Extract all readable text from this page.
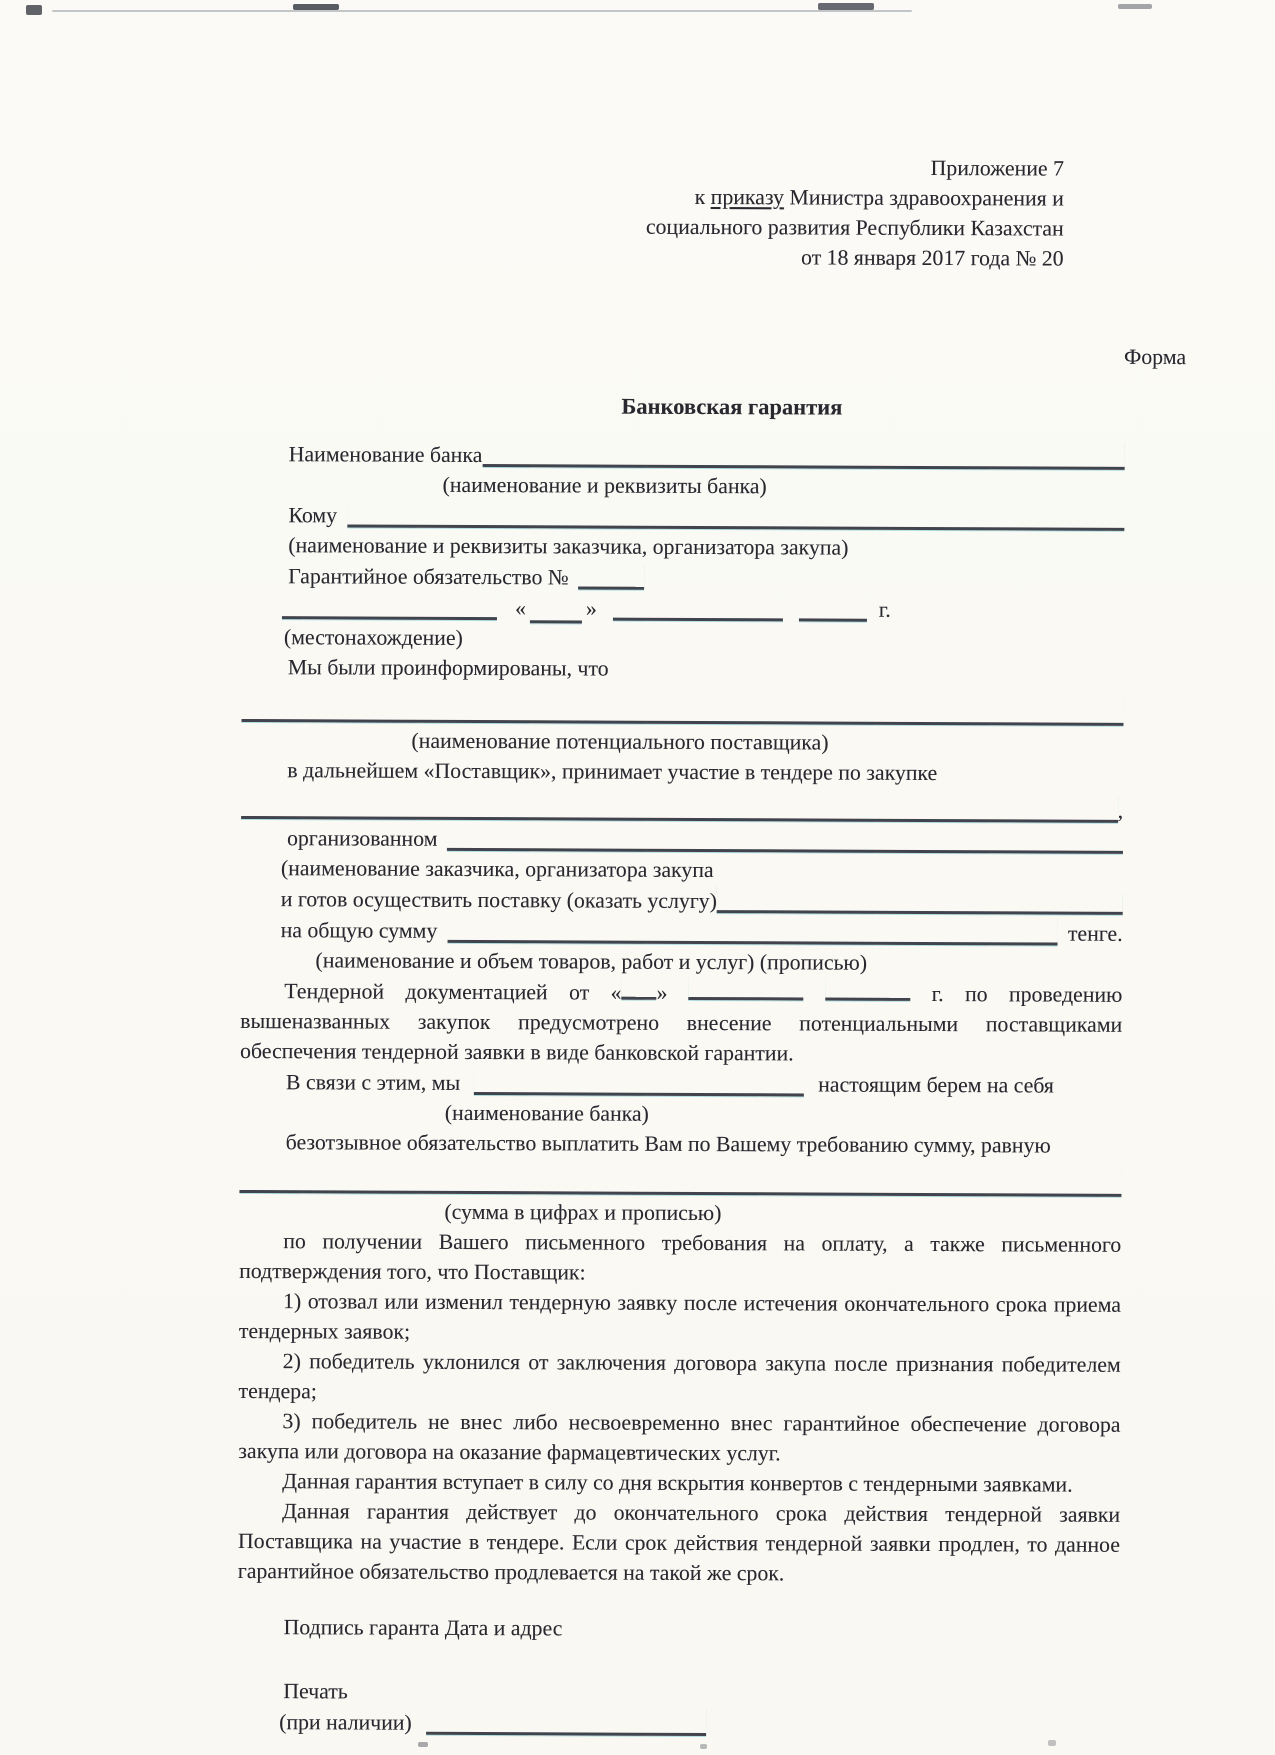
Приложение 7
к приказу Министра здравоохранения и
социального развития Республики Казахстан
от 18 января 2017 года № 20
Форма
Банковская гарантия
Наименование банка
(наименование и реквизиты банка)
Кому
(наименование и реквизиты заказчика, организатора закупа)
Гарантийное обязательство №
«	»	г.
(местонахождение)
Мы были проинформированы, что
(наименование потенциального поставщика)
в дальнейшем «Поставщик», принимает участие в тендере по закупке
,
организованном
(наименование заказчика, организатора закупа
и готов осуществить поставку (оказать услугу)
на общую сумму	тенге.
(наименование и объем товаров, работ и услуг) (прописью)

Тендерной документацией от « »	г. по проведению вышеназванных закупок предусмотрено внесение потенциальными поставщиками обеспечения тендерной заявки в виде банковской гарантии.

В связи с этим, мы	настоящим берем на себя
(наименование банка)
безотзывное обязательство выплатить Вам по Вашему требованию сумму, равную
(сумма в цифрах и прописью)

по получении Вашего письменного требования на оплату, а также письменного подтверждения того, что Поставщик:

1) отозвал или изменил тендерную заявку после истечения окончательного срока приема тендерных заявок;

2) победитель уклонился от заключения договора закупа после признания победителем тендера;

3) победитель не внес либо несвоевременно внес гарантийное обеспечение договора закупа или договора на оказание фармацевтических услуг.

Данная гарантия вступает в силу со дня вскрытия конвертов с тендерными заявками.

Данная гарантия действует до окончательного срока действия тендерной заявки Поставщика на участие в тендере. Если срок действия тендерной заявки продлен, то данное гарантийное обязательство продлевается на такой же срок.

Подпись гаранта Дата и адрес
Печать
(при наличии)
